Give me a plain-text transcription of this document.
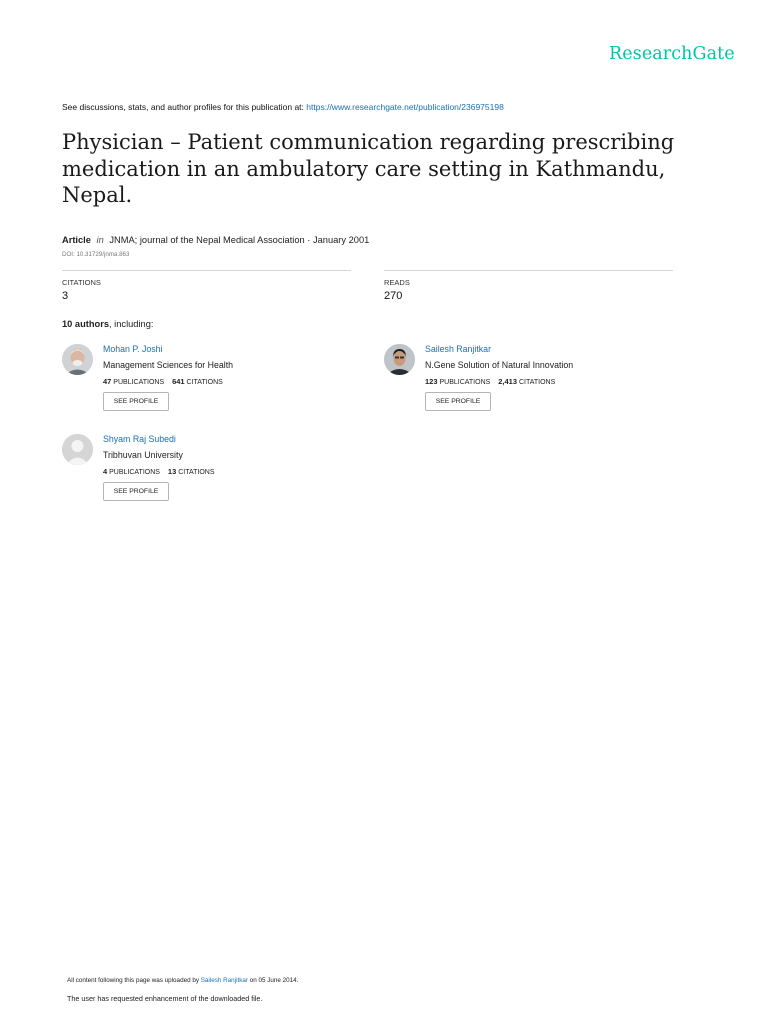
ResearchGate
See discussions, stats, and author profiles for this publication at: https://www.researchgate.net/publication/236975198
Physician – Patient communication regarding prescribing medication in an ambulatory care setting in Kathmandu, Nepal.
Article in JNMA; journal of the Nepal Medical Association · January 2001
DOI: 10.31729/jnma.863
CITATIONS
3
READS
270
10 authors, including:
Mohan P. Joshi
Management Sciences for Health
47 PUBLICATIONS 641 CITATIONS
SEE PROFILE
Sailesh Ranjitkar
N.Gene Solution of Natural Innovation
123 PUBLICATIONS 2,413 CITATIONS
SEE PROFILE
Shyam Raj Subedi
Tribhuvan University
4 PUBLICATIONS 13 CITATIONS
SEE PROFILE
All content following this page was uploaded by Sailesh Ranjitkar on 05 June 2014.
The user has requested enhancement of the downloaded file.
